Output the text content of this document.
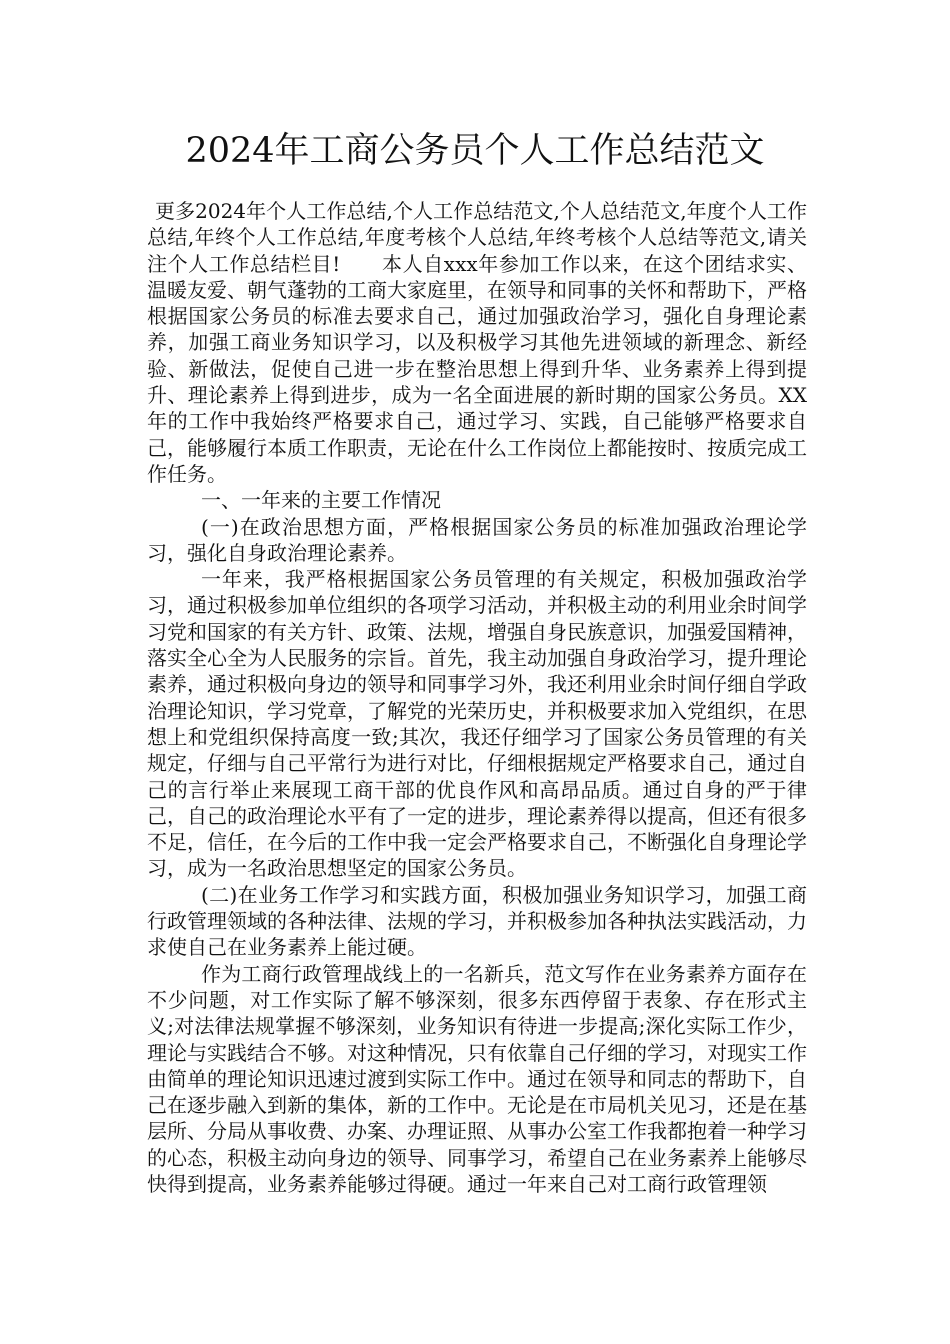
2024年工商公务员个人工作总结范文

更多2024年个人工作总结,个人工作总结范文,个人总结范文,年度个人工作总结,年终个人工作总结,年度考核个人总结,年终考核个人总结等范文,请关注个人工作总结栏目!　　本人自xxx年参加工作以来，在这个团结求实、温暖友爱、朝气蓬勃的工商大家庭里，在领导和同事的关怀和帮助下，严格根据国家公务员的标准去要求自己，通过加强政治学习，强化自身理论素养，加强工商业务知识学习，以及积极学习其他先进领域的新理念、新经验、新做法，促使自己进一步在整治思想上得到升华、业务素养上得到提升、理论素养上得到进步，成为一名全面进展的新时期的国家公务员。XX年的工作中我始终严格要求自己，通过学习、实践，自己能够严格要求自己，能够履行本质工作职责，无论在什么工作岗位上都能按时、按质完成工作任务。

一、一年来的主要工作情况

(一)在政治思想方面，严格根据国家公务员的标准加强政治理论学习，强化自身政治理论素养。

一年来，我严格根据国家公务员管理的有关规定，积极加强政治学习，通过积极参加单位组织的各项学习活动，并积极主动的利用业余时间学习党和国家的有关方针、政策、法规，增强自身民族意识，加强爱国精神，落实全心全为人民服务的宗旨。首先，我主动加强自身政治学习，提升理论素养，通过积极向身边的领导和同事学习外，我还利用业余时间仔细自学政治理论知识，学习党章，了解党的光荣历史，并积极要求加入党组织，在思想上和党组织保持高度一致;其次，我还仔细学习了国家公务员管理的有关规定，仔细与自己平常行为进行对比，仔细根据规定严格要求自己，通过自己的言行举止来展现工商干部的优良作风和高昂品质。通过自身的严于律己，自己的政治理论水平有了一定的进步，理论素养得以提高，但还有很多不足，信任，在今后的工作中我一定会严格要求自己，不断强化自身理论学习，成为一名政治思想坚定的国家公务员。

(二)在业务工作学习和实践方面，积极加强业务知识学习，加强工商行政管理领域的各种法律、法规的学习，并积极参加各种执法实践活动，力求使自己在业务素养上能过硬。

作为工商行政管理战线上的一名新兵，范文写作在业务素养方面存在不少问题，对工作实际了解不够深刻，很多东西停留于表象、存在形式主义;对法律法规掌握不够深刻，业务知识有待进一步提高;深化实际工作少，理论与实践结合不够。对这种情况，只有依靠自己仔细的学习，对现实工作由简单的理论知识迅速过渡到实际工作中。通过在领导和同志的帮助下，自己在逐步融入到新的集体，新的工作中。无论是在市局机关见习，还是在基层所、分局从事收费、办案、办理证照、从事办公室工作我都抱着一种学习的心态，积极主动向身边的领导、同事学习，希望自己在业务素养上能够尽快得到提高，业务素养能够过得硬。通过一年来自己对工商行政管理领
